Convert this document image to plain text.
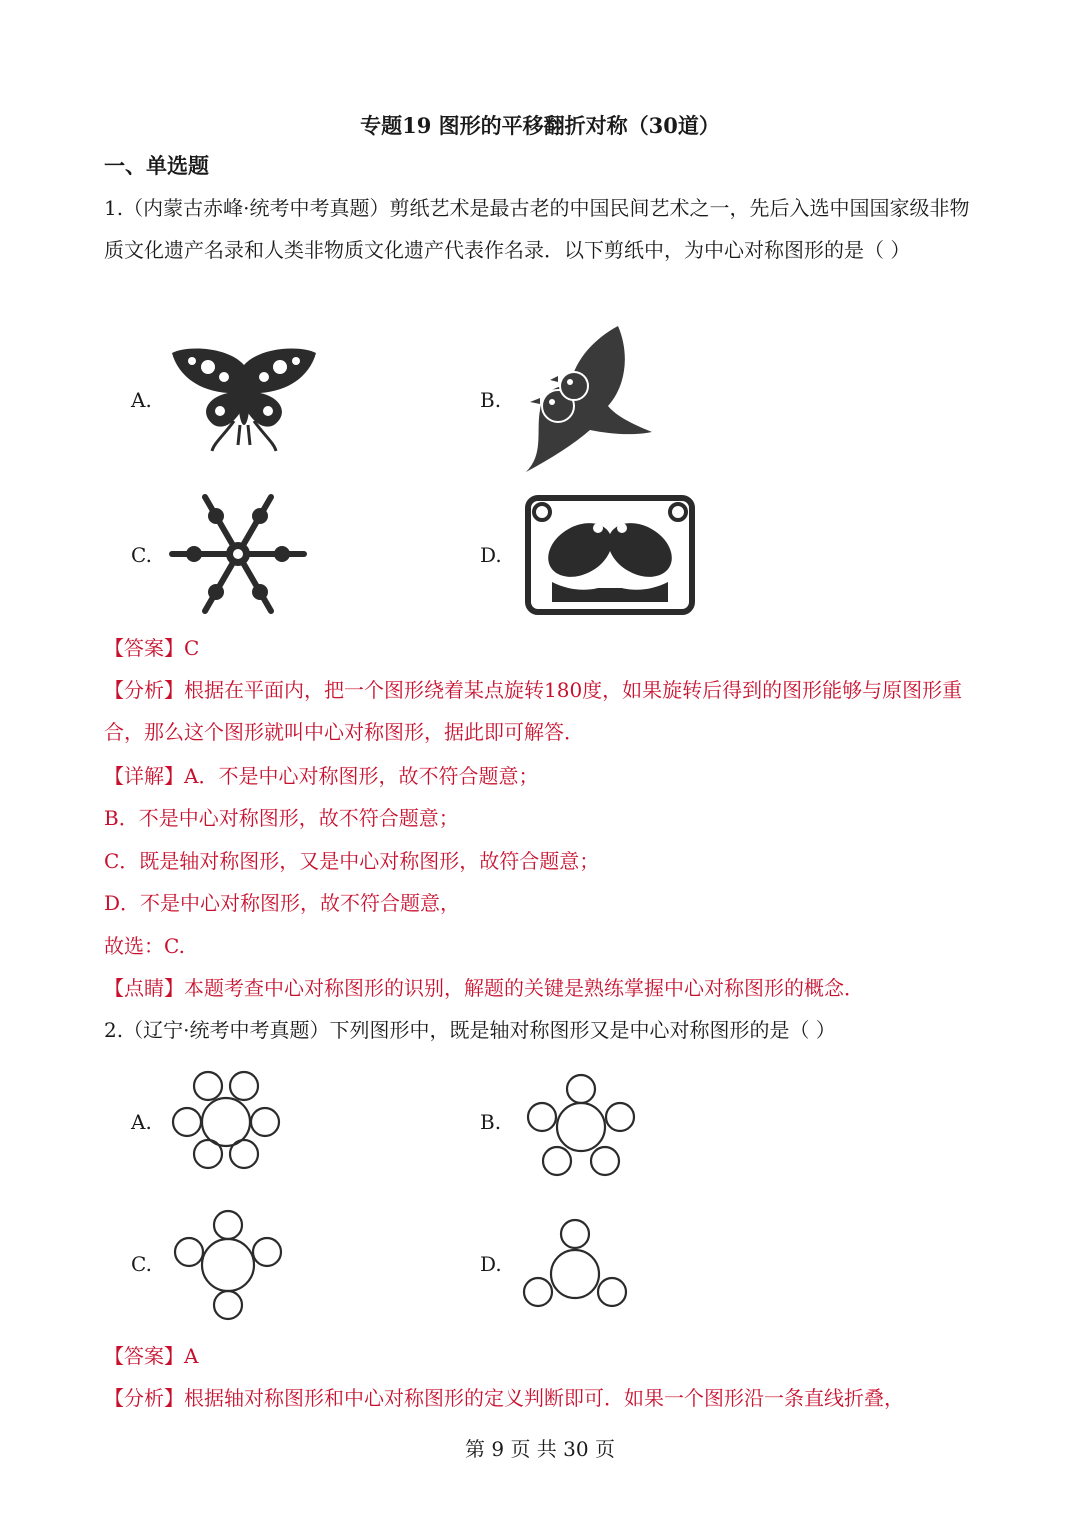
专题19 图形的平移翻折对称（30道）
一、单选题
1.（内蒙古赤峰·统考中考真题）剪纸艺术是最古老的中国民间艺术之一，先后入选中国国家级非物质文化遗产名录和人类非物质文化遗产代表作名录．以下剪纸中，为中心对称图形的是（ ）
A.	B.
C.	D.
【答案】C
【分析】根据在平面内，把一个图形绕着某点旋转180度，如果旋转后得到的图形能够与原图形重合，那么这个图形就叫中心对称图形，据此即可解答．
【详解】A．不是中心对称图形，故不符合题意；
B．不是中心对称图形，故不符合题意；
C．既是轴对称图形，又是中心对称图形，故符合题意；
D．不是中心对称图形，故不符合题意，
故选：C.
【点睛】本题考查中心对称图形的识别，解题的关键是熟练掌握中心对称图形的概念．
2.（辽宁·统考中考真题）下列图形中，既是轴对称图形又是中心对称图形的是（ ）
A.	B.
C.	D.
【答案】A
【分析】根据轴对称图形和中心对称图形的定义判断即可．如果一个图形沿一条直线折叠，
第 9 页 共 30 页
